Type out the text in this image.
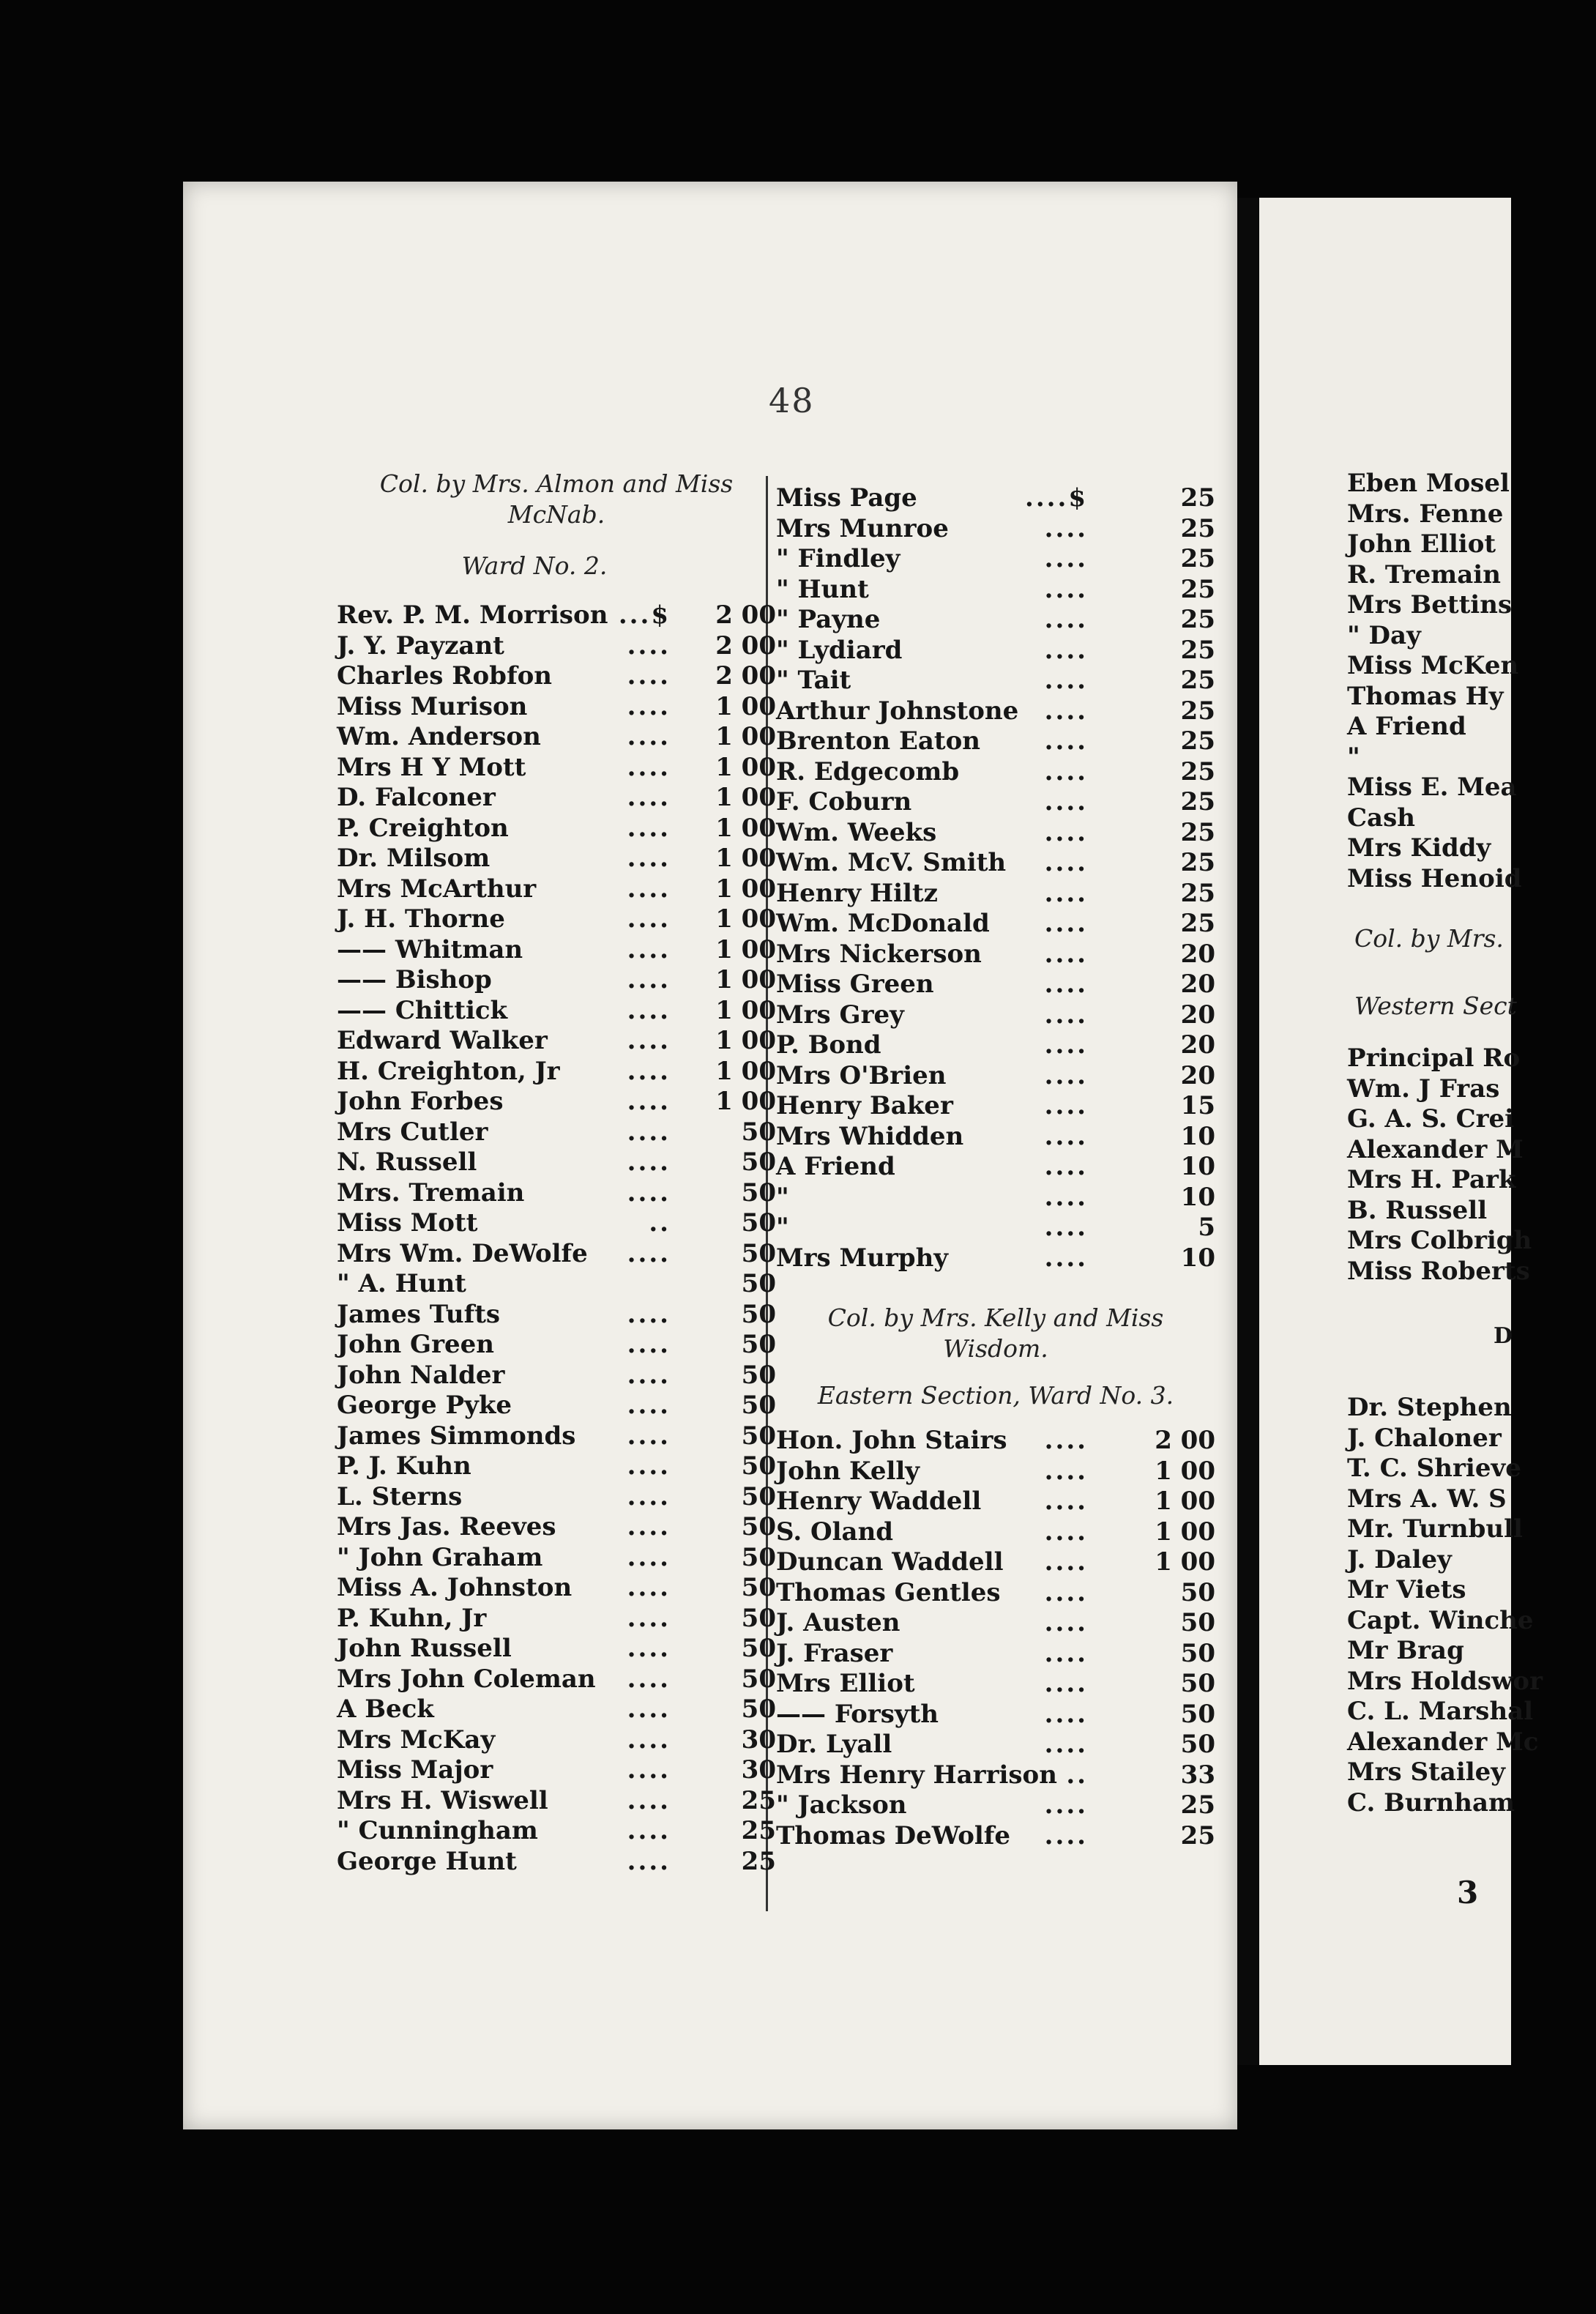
48
Col. by Mrs. Almon and Miss
McNab.
Ward No. 2.
Rev. P. M. Morrison ...$	2 00
J. Y. Payzant	....	2 00
Charles Robfon	....	2 00
Miss Murison	....	1 00
Wm. Anderson	....	1 00
Mrs H Y Mott	....	1 00
D. Falconer	....	1 00
P. Creighton	....	1 00
Dr. Milsom	....	1 00
Mrs McArthur	....	1 00
J. H. Thorne	....	1 00
—— Whitman	....	1 00
—— Bishop	....	1 00
—— Chittick	....	1 00
Edward Walker	....	1 00
H. Creighton, Jr	....	1 00
John Forbes	....	1 00
Mrs Cutler	....	50
N. Russell	....	50
Mrs. Tremain	....	50
Miss Mott	..	50
Mrs Wm. DeWolfe	....	50
" A. Hunt	50
James Tufts	....	50
John Green	....	50
John Nalder	....	50
George Pyke	....	50
James Simmonds	....	50
P. J. Kuhn	....	50
L. Sterns	....	50
Mrs Jas. Reeves	....	50
" John Graham	....	50
Miss A. Johnston	....	50
P. Kuhn, Jr	....	50
John Russell	....	50
Mrs John Coleman	....	50
A Beck	....	50
Mrs McKay	....	30
Miss Major	....	30
Mrs H. Wiswell	....	25
" Cunningham	....	25
George Hunt	....	25
Miss Page	....$	25
Mrs Munroe	....	25
" Findley	....	25
" Hunt	....	25
" Payne	....	25
" Lydiard	....	25
" Tait	....	25
Arthur Johnstone	....	25
Brenton Eaton	....	25
R. Edgecomb	....	25
F. Coburn	....	25
Wm. Weeks	....	25
Wm. McV. Smith	....	25
Henry Hiltz	....	25
Wm. McDonald	....	25
Mrs Nickerson	....	20
Miss Green	....	20
Mrs Grey	....	20
P. Bond	....	20
Mrs O'Brien	....	20
Henry Baker	....	15
Mrs Whidden	....	10
A Friend	....	10
"	....	10
"	....	5
Mrs Murphy	....	10
Col. by Mrs. Kelly and Miss
Wisdom.
Eastern Section, Ward No. 3.
Hon. John Stairs	....	2 00
John Kelly	....	1 00
Henry Waddell	....	1 00
S. Oland	....	1 00
Duncan Waddell	....	1 00
Thomas Gentles	....	50
J. Austen	....	50
J. Fraser	....	50
Mrs Elliot	....	50
—— Forsyth	....	50
Dr. Lyall	....	50
Mrs Henry Harrison ..	33
" Jackson	....	25
Thomas DeWolfe	....	25
Eben Mosel
Mrs. Fenne
John Elliot
R. Tremain
Mrs Bettins
" Day
Miss McKen
Thomas Hy
A Friend
"
Miss E. Mea
Cash
Mrs Kiddy
Miss Henoid
Col. by Mrs.
Western Sect
Principal Ro
Wm. J Fras
G. A. S. Crei
Alexander M
Mrs H. Park
B. Russell
Mrs Colbrigh
Miss Roberts
D
Dr. Stephen
J. Chaloner
T. C. Shrieve
Mrs A. W. S
Mr. Turnbull
J. Daley
Mr Viets
Capt. Winche
Mr Brag
Mrs Holdswor
C. L. Marshal
Alexander Mc
Mrs Stailey
C. Burnham
3
